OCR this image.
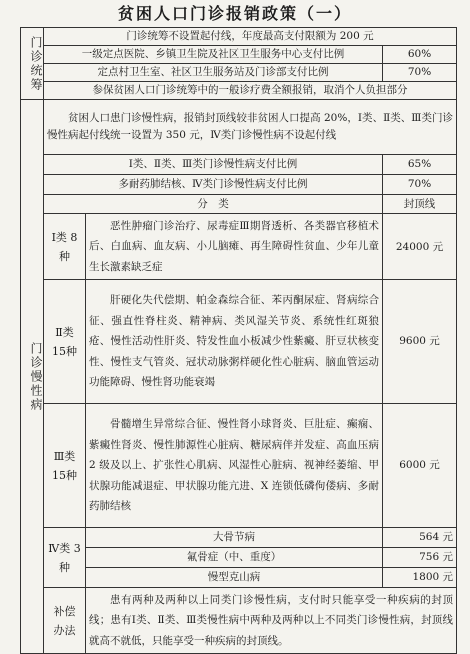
贫困人口门诊报销政策（一）
门诊统筹	门诊统筹不设置起付线，年度最高支付限额为 200 元		
	一级定点医院、乡镇卫生院及社区卫生服务中心支付比例		60%
	定点村卫生室、社区卫生服务站及门诊部支付比例		70%
	参保贫困人口门诊统筹中的一般诊疗费全额报销，取消个人负担部分		

门诊慢性病	贫困人口患门诊慢性病，报销封顶线较非贫困人口提高 20%，Ⅰ类、Ⅱ类、Ⅲ类门诊慢性病起付线统一设置为 350 元，Ⅳ类门诊慢性病不设起付线		
	Ⅰ类、Ⅱ类、Ⅲ类门诊慢性病支付比例		65%
	多耐药肺结核、Ⅳ类门诊慢性病支付比例		70%
	分　类		封顶线
	Ⅰ类 8种	恶性肿瘤门诊治疗、尿毒症Ⅲ期肾透析、各类器官移植术后、白血病、血友病、小儿脑瘫、再生障碍性贫血、少年儿童生长激素缺乏症	24000 元
	Ⅱ类 15种	肝硬化失代偿期、帕金森综合征、苯丙酮尿症、肾病综合征、强直性脊柱炎、精神病、类风湿关节炎、系统性红斑狼疮、慢性活动性肝炎、特发性血小板减少性紫癜、肝豆状核变性、慢性支气管炎、冠状动脉粥样硬化性心脏病、脑血管运动功能障碍、慢性肾功能衰竭	9600 元
	Ⅲ类 15种	骨髓增生异常综合征、慢性肾小球肾炎、巨肚症、癫痫、紫癜性肾炎、慢性肺源性心脏病、糖尿病伴并发症、高血压病 2 级及以上、扩张性心肌病、风湿性心脏病、视神经萎缩、甲状腺功能减退症、甲状腺功能亢进、X 连锁低磷佝偻病、多耐药肺结核	6000 元
	Ⅳ类 3种	大骨节病	564 元
		氟骨症（中、重度）	756 元
		慢型克山病	1800 元

	补偿办法	患有两种及两种以上同类门诊慢性病，支付时只能享受一种疾病的封顶线；患有Ⅰ类、Ⅱ类、Ⅲ类慢性病中两种及两种以上不同类门诊慢性病，封顶线就高不就低，只能享受一种疾病的封顶线。	
